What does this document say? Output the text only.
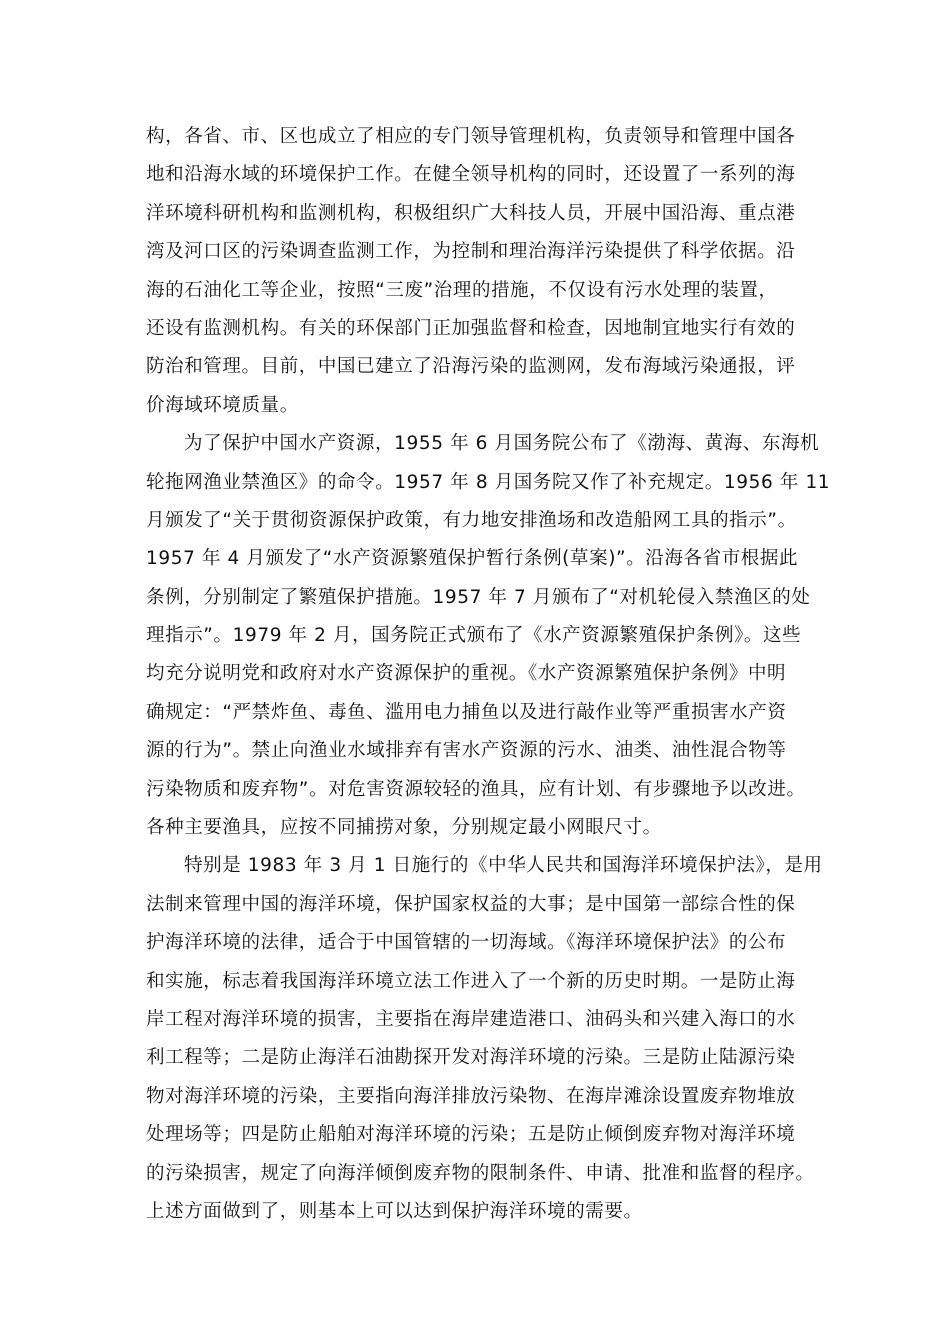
构，各省、市、区也成立了相应的专门领导管理机构，负责领导和管理中国各
地和沿海水域的环境保护工作。在健全领导机构的同时，还设置了一系列的海
洋环境科研机构和监测机构，积极组织广大科技人员，开展中国沿海、重点港
湾及河口区的污染调查监测工作，为控制和理治海洋污染提供了科学依据。沿
海的石油化工等企业，按照“三废”治理的措施，不仅设有污水处理的装置，
还设有监测机构。有关的环保部门正加强监督和检查，因地制宜地实行有效的
防治和管理。目前，中国已建立了沿海污染的监测网，发布海域污染通报，评
价海域环境质量。
为了保护中国水产资源，1955 年 6 月国务院公布了《渤海、黄海、东海机
轮拖网渔业禁渔区》的命令。1957 年 8 月国务院又作了补充规定。1956 年 11
月颁发了“关于贯彻资源保护政策，有力地安排渔场和改造船网工具的指示”。
1957 年 4 月颁发了“水产资源繁殖保护暂行条例(草案)”。沿海各省市根据此
条例，分别制定了繁殖保护措施。1957 年 7 月颁布了“对机轮侵入禁渔区的处
理指示”。1979 年 2 月，国务院正式颁布了《水产资源繁殖保护条例》。这些
均充分说明党和政府对水产资源保护的重视。《水产资源繁殖保护条例》中明
确规定：“严禁炸鱼、毒鱼、滥用电力捕鱼以及进行敲作业等严重损害水产资
源的行为”。禁止向渔业水域排弃有害水产资源的污水、油类、油性混合物等
污染物质和废弃物”。对危害资源较轻的渔具，应有计划、有步骤地予以改进。
各种主要渔具，应按不同捕捞对象，分别规定最小网眼尺寸。
特别是 1983 年 3 月 1 日施行的《中华人民共和国海洋环境保护法》，是用
法制来管理中国的海洋环境，保护国家权益的大事；是中国第一部综合性的保
护海洋环境的法律，适合于中国管辖的一切海域。《海洋环境保护法》的公布
和实施，标志着我国海洋环境立法工作进入了一个新的历史时期。一是防止海
岸工程对海洋环境的损害，主要指在海岸建造港口、油码头和兴建入海口的水
利工程等；二是防止海洋石油勘探开发对海洋环境的污染。三是防止陆源污染
物对海洋环境的污染，主要指向海洋排放污染物、在海岸滩涂设置废弃物堆放
处理场等；四是防止船舶对海洋环境的污染；五是防止倾倒废弃物对海洋环境
的污染损害，规定了向海洋倾倒废弃物的限制条件、申请、批准和监督的程序。
上述方面做到了，则基本上可以达到保护海洋环境的需要。
